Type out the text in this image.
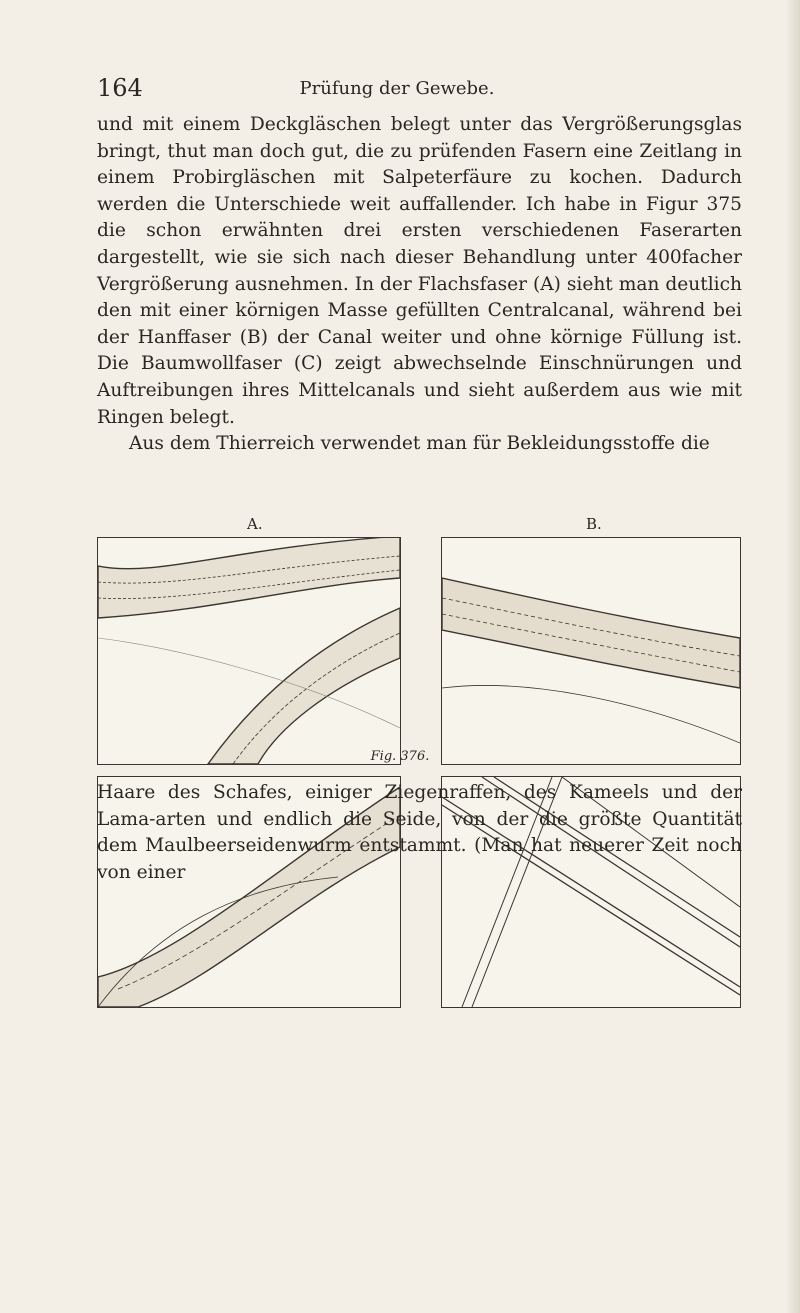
164	Prüfung der Gewebe.

und mit einem Deckgläschen belegt unter das Vergrößerungsglas bringt, thut man doch gut, die zu prüfenden Fasern eine Zeitlang in einem Probirgläschen mit Salpeterfäure zu kochen. Dadurch werden die Unterschiede weit auffallender. Ich habe in Figur 375 die schon erwähnten drei ersten verschiedenen Faserarten dargestellt, wie sie sich nach dieser Behandlung unter 400facher Vergrößerung ausnehmen. In der Flachsfaser (A) sieht man deutlich den mit einer körnigen Masse gefüllten Centralcanal, während bei der Hanffaser (B) der Canal weiter und ohne körnige Füllung ist. Die Baumwollfaser (C) zeigt abwechselnde Einschnürungen und Auftreibungen ihres Mittelcanals und sieht außerdem aus wie mit Ringen belegt.

Aus dem Thierreich verwendet man für Bekleidungsstoffe die

A.	B.
Fig. 376.

Haare des Schafes, einiger Ziegenraffen, des Kameels und der Lama-arten und endlich die Seide, von der die größte Quantität dem Maulbeerseidenwurm entstammt. (Man hat neuerer Zeit noch von einer
